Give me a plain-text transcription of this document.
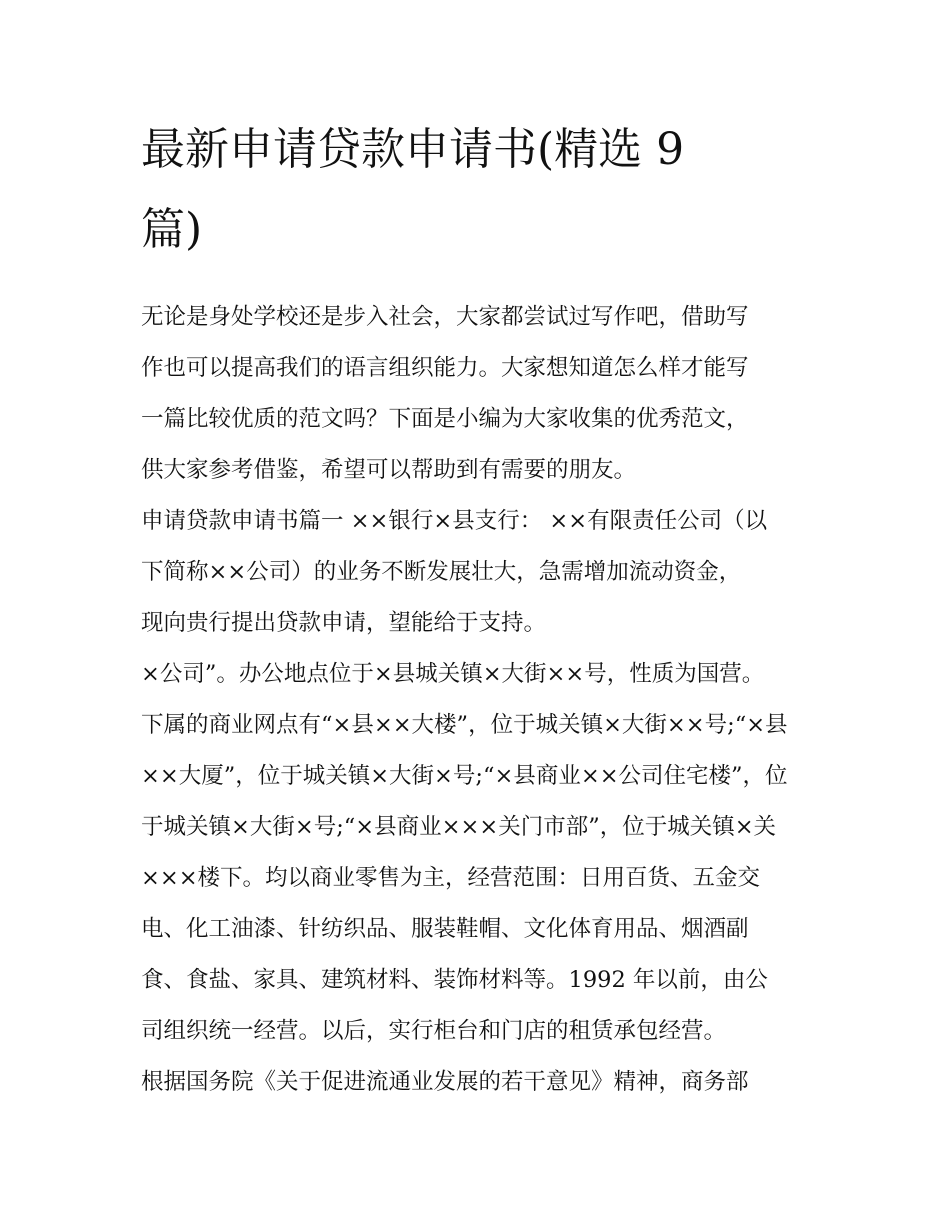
最新申请贷款申请书(精选 9
篇)

无论是身处学校还是步入社会，大家都尝试过写作吧，借助写
作也可以提高我们的语言组织能力。大家想知道怎么样才能写
一篇比较优质的范文吗？下面是小编为大家收集的优秀范文，
供大家参考借鉴，希望可以帮助到有需要的朋友。

申请贷款申请书篇一 ××银行×县支行： ××有限责任公司（以
下简称××公司）的业务不断发展壮大，急需增加流动资金，
现向贵行提出贷款申请，望能给于支持。

×公司”。办公地点位于×县城关镇×大街××号，性质为国营。
下属的商业网点有“×县××大楼”，位于城关镇×大街××号;“×县
××大厦”，位于城关镇×大街×号;“×县商业××公司住宅楼”，位
于城关镇×大街×号;“×县商业×××关门市部”，位于城关镇×关
×××楼下。均以商业零售为主，经营范围：日用百货、五金交
电、化工油漆、针纺织品、服装鞋帽、文化体育用品、烟酒副
食、食盐、家具、建筑材料、装饰材料等。1992 年以前，由公
司组织统一经营。以后，实行柜台和门店的租赁承包经营。
根据国务院《关于促进流通业发展的若干意见》精神，商务部
